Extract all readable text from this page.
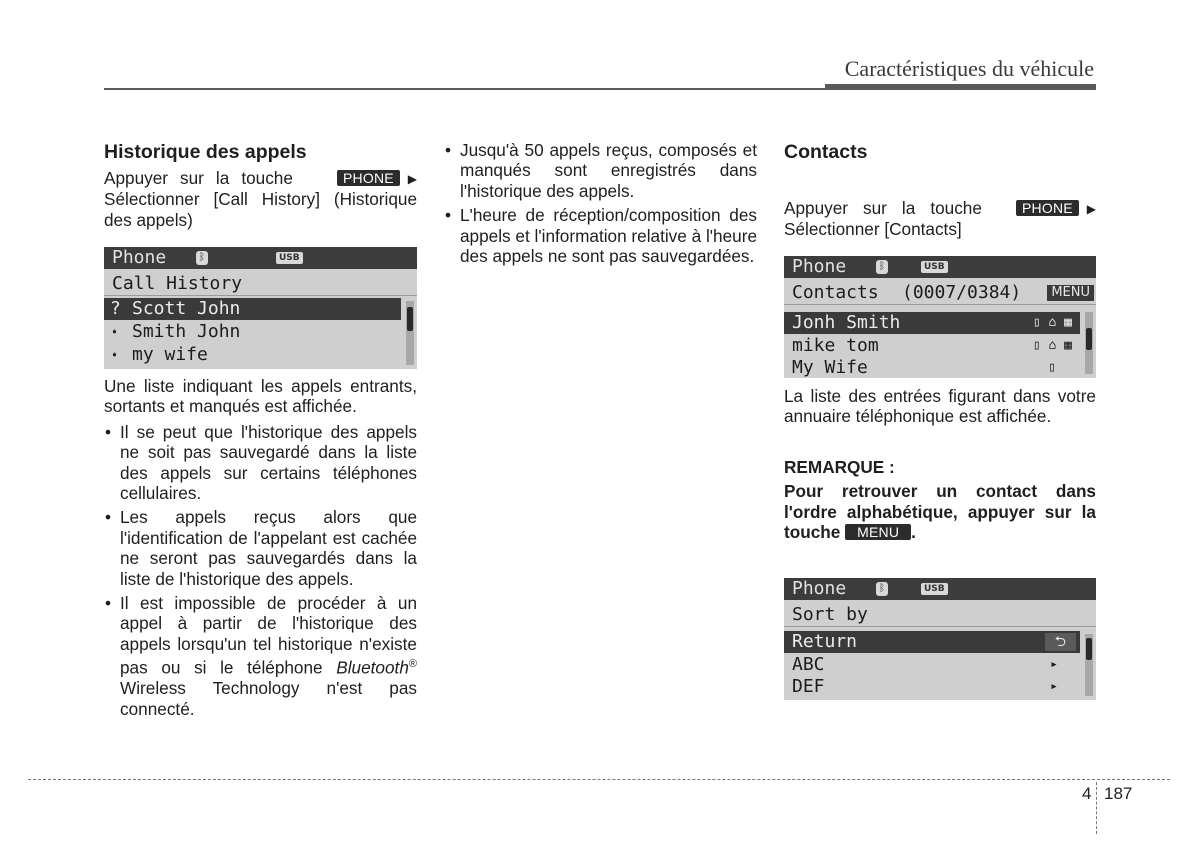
Caractéristiques du véhicule
Historique des appels

Appuyer sur la touche	PHONE ▶ Sélectionner [Call History] (Historique des appels)

Phone	ᛒ	USB
Call History
? Scott John
➧ Smith John
➧ my wife

Une liste indiquant les appels entrants, sortants et manqués est affichée.

• Il se peut que l'historique des appels ne soit pas sauvegardé dans la liste des appels sur certains téléphones cellulaires.
• Les appels reçus alors que l'identification de l'appelant est cachée ne seront pas sauvegardés dans la liste de l'historique des appels.
• Il est impossible de procéder à un appel à partir de l'historique des appels lorsqu'un tel historique n'existe pas ou si le téléphone Bluetooth® Wireless Technology n'est pas connecté.
• Jusqu'à 50 appels reçus, composés et manqués sont enregistrés dans l'historique des appels.
• L'heure de réception/composition des appels et l'information relative à l'heure des appels ne sont pas sauvegardées.
Contacts

Appuyer sur la touche	PHONE ▶ Sélectionner [Contacts]

Phone	ᛒ	USB
Contacts (0007/0384)	MENU
Jonh Smith	▯ ⌂ ▦
mike tom	▯ ⌂ ▦
My Wife	▯

La liste des entrées figurant dans votre annuaire téléphonique est affichée.

REMARQUE :

Pour retrouver un contact dans l'ordre alphabétique, appuyer sur la touche MENU .

Phone	ᛒ	USB
Sort by
Return	⮌
ABC	▸
DEF	▸
4 187
